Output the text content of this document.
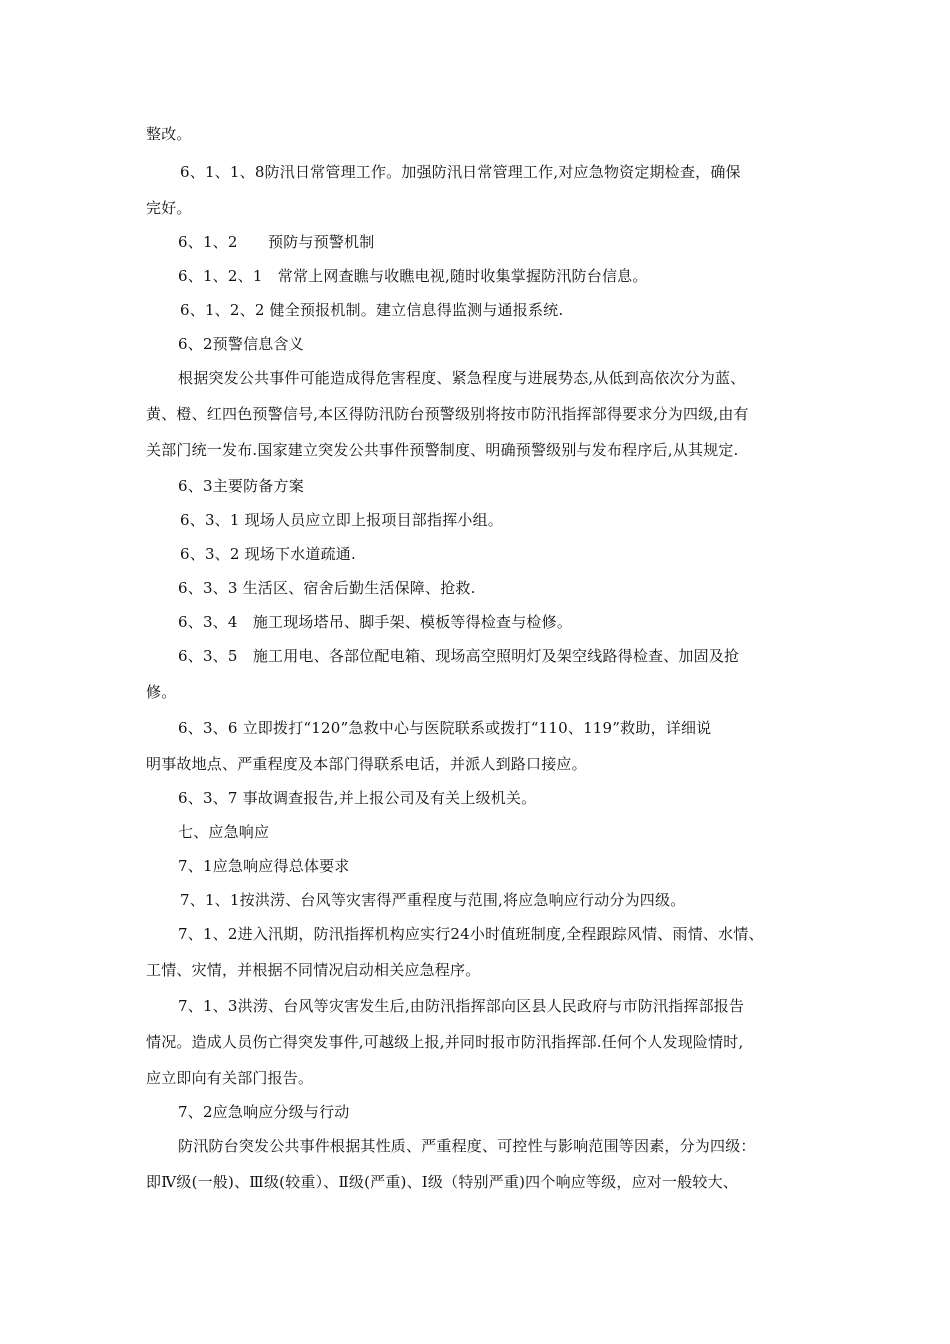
整改。
6、1、1、8防汛日常管理工作。加强防汛日常管理工作,对应急物资定期检查，确保
完好。
6、1、2　　预防与预警机制
6、1、2、1　常常上网查瞧与收瞧电视,随时收集掌握防汛防台信息。
6、1、2、2 健全预报机制。建立信息得监测与通报系统.
6、2预警信息含义
根据突发公共事件可能造成得危害程度、紧急程度与进展势态,从低到高依次分为蓝、
黄、橙、红四色预警信号,本区得防汛防台预警级别将按市防汛指挥部得要求分为四级,由有
关部门统一发布.国家建立突发公共事件预警制度、明确预警级别与发布程序后,从其规定.
6、3主要防备方案
6、3、1 现场人员应立即上报项目部指挥小组。
6、3、2 现场下水道疏通.
6、3、3 生活区、宿舍后勤生活保障、抢救.
6、3、4　施工现场塔吊、脚手架、模板等得检查与检修。
6、3、5　施工用电、各部位配电箱、现场高空照明灯及架空线路得检查、加固及抢
修。
6、3、6 立即拨打“120”急救中心与医院联系或拨打“110、119”救助，详细说
明事故地点、严重程度及本部门得联系电话，并派人到路口接应。
6、3、7 事故调查报告,并上报公司及有关上级机关。
七、应急响应
7、1应急响应得总体要求
7、1、1按洪涝、台风等灾害得严重程度与范围,将应急响应行动分为四级。
7、1、2进入汛期，防汛指挥机构应实行24小时值班制度,全程跟踪风情、雨情、水情、
工情、灾情，并根据不同情况启动相关应急程序。
7、1、3洪涝、台风等灾害发生后,由防汛指挥部向区县人民政府与市防汛指挥部报告
情况。造成人员伤亡得突发事件,可越级上报,并同时报市防汛指挥部.任何个人发现险情时,
应立即向有关部门报告。
7、2应急响应分级与行动
防汛防台突发公共事件根据其性质、严重程度、可控性与影响范围等因素，分为四级：
即Ⅳ级(一般)、Ⅲ级(较重）、Ⅱ级(严重)、Ⅰ级（特别严重)四个响应等级，应对一般较大、
